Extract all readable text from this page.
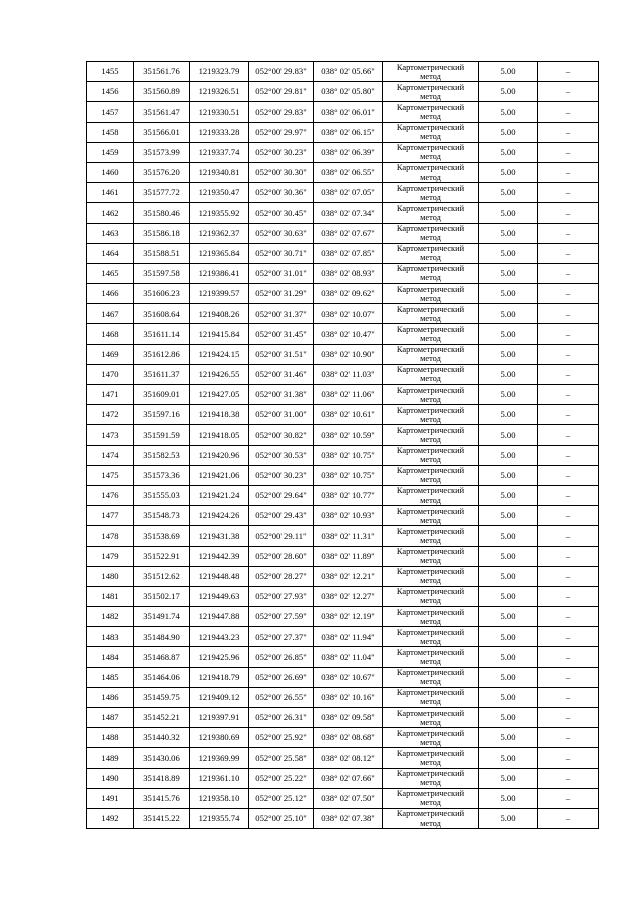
1455	351561.76	1219323.79	052°00' 29.83"	038° 02' 05.66"	Картометрический
метод	5.00	–
1456	351560.89	1219326.51	052°00' 29.81"	038° 02' 05.80"	Картометрический
метод	5.00	–
1457	351561.47	1219330.51	052°00' 29.83"	038° 02' 06.01"	Картометрический
метод	5.00	–
1458	351566.01	1219333.28	052°00' 29.97"	038° 02' 06.15"	Картометрический
метод	5.00	–
1459	351573.99	1219337.74	052°00' 30.23"	038° 02' 06.39"	Картометрический
метод	5.00	–
1460	351576.20	1219340.81	052°00' 30.30"	038° 02' 06.55"	Картометрический
метод	5.00	–
1461	351577.72	1219350.47	052°00' 30.36"	038° 02' 07.05"	Картометрический
метод	5.00	–
1462	351580.46	1219355.92	052°00' 30.45"	038° 02' 07.34"	Картометрический
метод	5.00	–
1463	351586.18	1219362.37	052°00' 30.63"	038° 02' 07.67"	Картометрический
метод	5.00	–
1464	351588.51	1219365.84	052°00' 30.71"	038° 02' 07.85"	Картометрический
метод	5.00	–
1465	351597.58	1219386.41	052°00' 31.01"	038° 02' 08.93"	Картометрический
метод	5.00	–
1466	351606.23	1219399.57	052°00' 31.29"	038° 02' 09.62"	Картометрический
метод	5.00	–
1467	351608.64	1219408.26	052°00' 31.37"	038° 02' 10.07"	Картометрический
метод	5.00	–
1468	351611.14	1219415.84	052°00' 31.45"	038° 02' 10.47"	Картометрический
метод	5.00	–
1469	351612.86	1219424.15	052°00' 31.51"	038° 02' 10.90"	Картометрический
метод	5.00	–
1470	351611.37	1219426.55	052°00' 31.46"	038° 02' 11.03"	Картометрический
метод	5.00	–
1471	351609.01	1219427.05	052°00' 31.38"	038° 02' 11.06"	Картометрический
метод	5.00	–
1472	351597.16	1219418.38	052°00' 31.00"	038° 02' 10.61"	Картометрический
метод	5.00	–
1473	351591.59	1219418.05	052°00' 30.82"	038° 02' 10.59"	Картометрический
метод	5.00	–
1474	351582.53	1219420.96	052°00' 30.53"	038° 02' 10.75"	Картометрический
метод	5.00	–
1475	351573.36	1219421.06	052°00' 30.23"	038° 02' 10.75"	Картометрический
метод	5.00	–
1476	351555.03	1219421.24	052°00' 29.64"	038° 02' 10.77"	Картометрический
метод	5.00	–
1477	351548.73	1219424.26	052°00' 29.43"	038° 02' 10.93"	Картометрический
метод	5.00	–
1478	351538.69	1219431.38	052°00' 29.11"	038° 02' 11.31"	Картометрический
метод	5.00	–
1479	351522.91	1219442.39	052°00' 28.60"	038° 02' 11.89"	Картометрический
метод	5.00	–
1480	351512.62	1219448.48	052°00' 28.27"	038° 02' 12.21"	Картометрический
метод	5.00	–
1481	351502.17	1219449.63	052°00' 27.93"	038° 02' 12.27"	Картометрический
метод	5.00	–
1482	351491.74	1219447.88	052°00' 27.59"	038° 02' 12.19"	Картометрический
метод	5.00	–
1483	351484.90	1219443.23	052°00' 27.37"	038° 02' 11.94"	Картометрический
метод	5.00	–
1484	351468.87	1219425.96	052°00' 26.85"	038° 02' 11.04"	Картометрический
метод	5.00	–
1485	351464.06	1219418.79	052°00' 26.69"	038° 02' 10.67"	Картометрический
метод	5.00	–
1486	351459.75	1219409.12	052°00' 26.55"	038° 02' 10.16"	Картометрический
метод	5.00	–
1487	351452.21	1219397.91	052°00' 26.31"	038° 02' 09.58"	Картометрический
метод	5.00	–
1488	351440.32	1219380.69	052°00' 25.92"	038° 02' 08.68"	Картометрический
метод	5.00	–
1489	351430.06	1219369.99	052°00' 25.58"	038° 02' 08.12"	Картометрический
метод	5.00	–
1490	351418.89	1219361.10	052°00' 25.22"	038° 02' 07.66"	Картометрический
метод	5.00	–
1491	351415.76	1219358.10	052°00' 25.12"	038° 02' 07.50"	Картометрический
метод	5.00	–
1492	351415.22	1219355.74	052°00' 25.10"	038° 02' 07.38"	Картометрический
метод	5.00	–
